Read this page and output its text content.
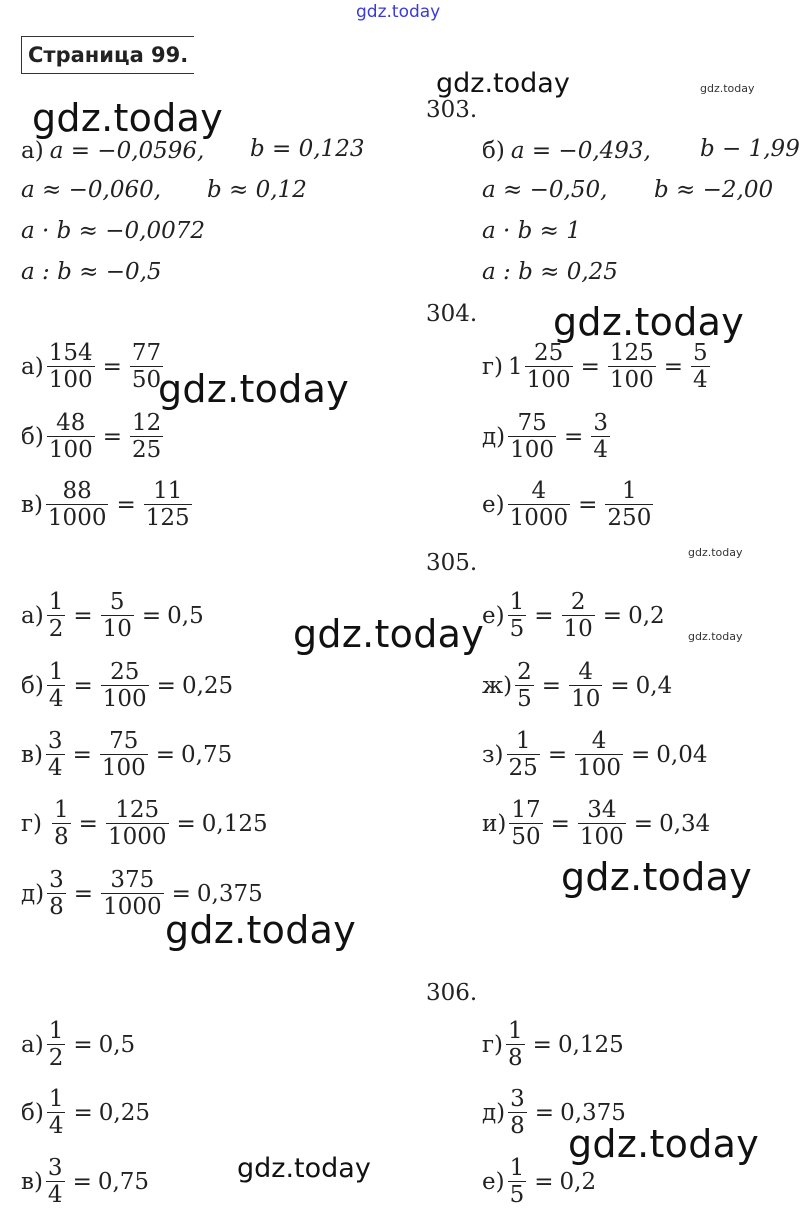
gdz.today
Страница 99.
gdz.today
gdz.today	gdz.today
gdz.today
gdz.today
gdz.today
gdz.today	gdz.today
gdz.today
gdz.today
gdz.today
gdz.today
303.
304.
305.
306.
а) a = −0,0596, b = 0,123
a ≈ −0,060, b ≈ 0,12
a · b ≈ −0,0072
a : b ≈ −0,5
б) a = −0,493, b − 1,99
a ≈ −0,50, b ≈ −2,00
a · b ≈ 1
a : b ≈ 0,25
$а) \frac{154}{100} = \frac{77}{50}$
$б) \frac{48}{100} = \frac{12}{25}$
$в) \frac{88}{1000} = \frac{11}{125}$
г) $1 \frac{25}{100} = \frac{125}{100} = \frac{5}{4}$
$д) \frac{75}{100} = \frac{3}{4}$
$е) \frac{4}{1000} = \frac{1}{250}$
$а) \frac{1}{2} = \frac{5}{10} = 0,5$
$б) \frac{1}{4} = \frac{25}{100} = 0,25$
$в) \frac{3}{4} = \frac{75}{100} = 0,75$
$г) \frac{1}{8} = \frac{125}{1000} = 0,125$
$д) \frac{3}{8} = \frac{375}{1000} = 0,375$
$е) \frac{1}{5} = \frac{2}{10} = 0,2$
$ж) \frac{2}{5} = \frac{4}{10} = 0,4$
$з) \frac{1}{25} = \frac{4}{100} = 0,04$
$и) \frac{17}{50} = \frac{34}{100} = 0,34$
$а) \frac{1}{2} = 0,5$
$б) \frac{1}{4} = 0,25$
$в) \frac{3}{4} = 0,75$
$г) \frac{1}{8} = 0,125$
$д) \frac{3}{8} = 0,375$
$е) \frac{1}{5} = 0,2$
